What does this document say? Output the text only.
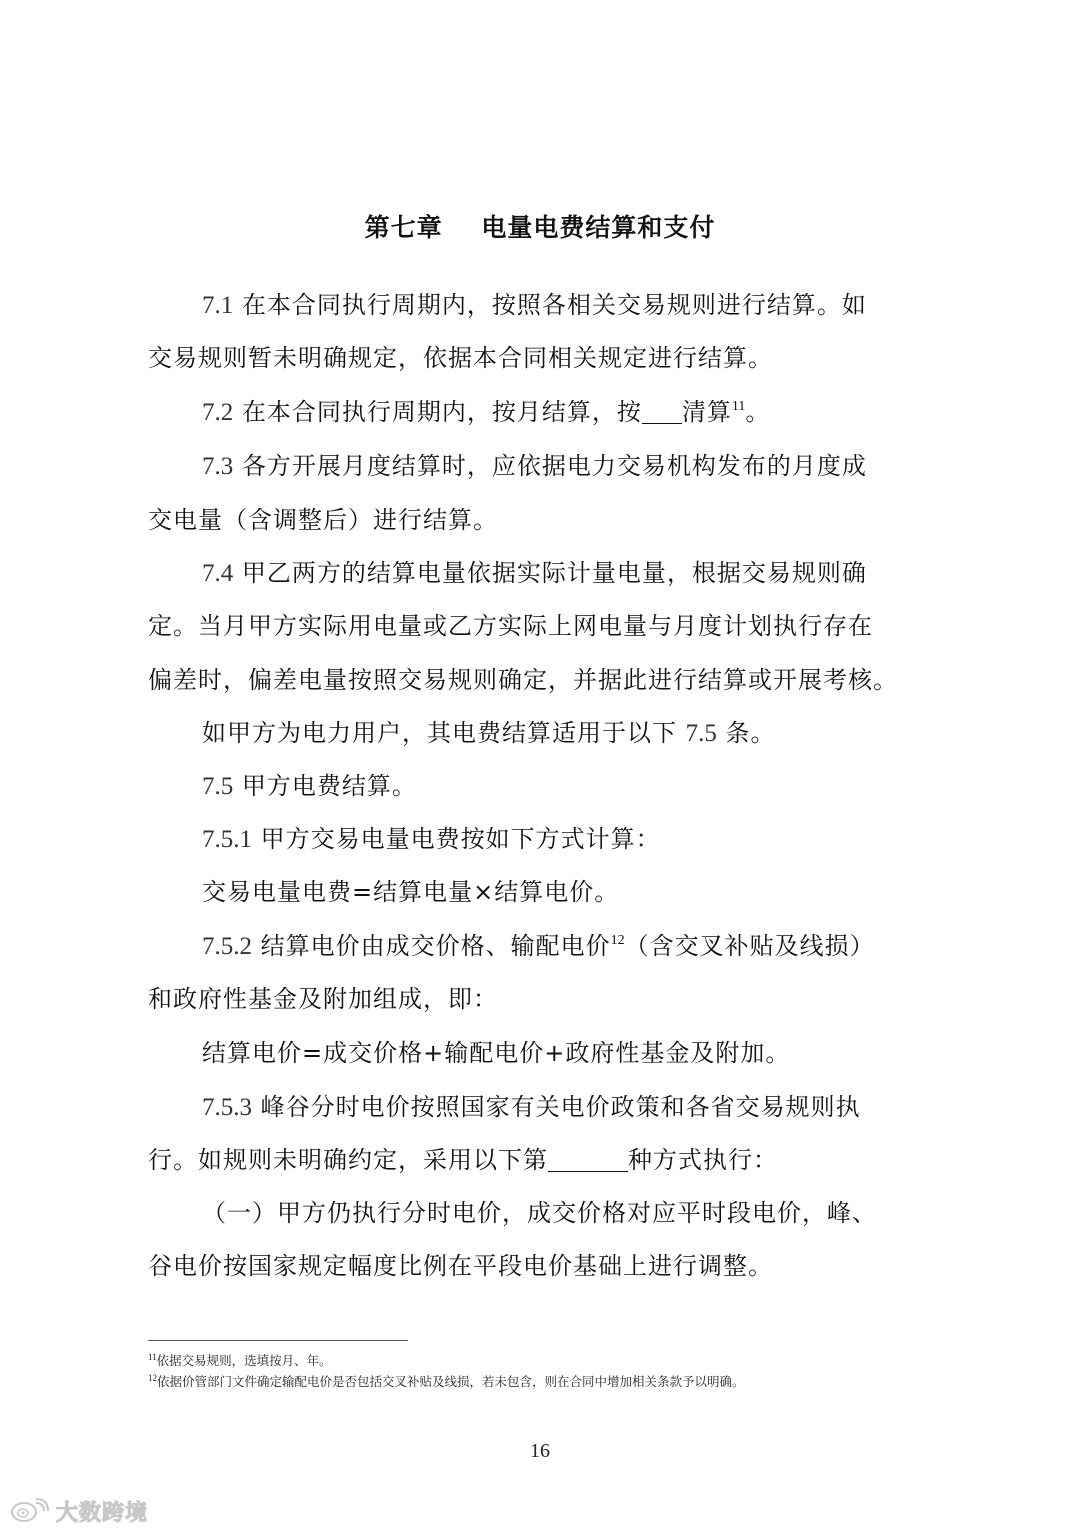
第七章    电量电费结算和支付
7.1 在本合同执行周期内，按照各相关交易规则进行结算。如
交易规则暂未明确规定，依据本合同相关规定进行结算。
7.2 在本合同执行周期内，按月结算，按 清算$^{11}$。
7.3 各方开展月度结算时，应依据电力交易机构发布的月度成
交电量（含调整后）进行结算。
7.4 甲乙两方的结算电量依据实际计量电量，根据交易规则确
定。当月甲方实际用电量或乙方实际上网电量与月度计划执行存在
偏差时，偏差电量按照交易规则确定，并据此进行结算或开展考核。
如甲方为电力用户，其电费结算适用于以下 7.5 条。
7.5 甲方电费结算。
7.5.1 甲方交易电量电费按如下方式计算：
交易电量电费=结算电量×结算电价。
7.5.2 结算电价由成交价格、输配电价$^{12}$（含交叉补贴及线损）
和政府性基金及附加组成，即：
结算电价=成交价格+输配电价+政府性基金及附加。
7.5.3 峰谷分时电价按照国家有关电价政策和各省交易规则执
行。如规则未明确约定，采用以下第	种方式执行：
（一）甲方仍执行分时电价，成交价格对应平时段电价，峰、
谷电价按国家规定幅度比例在平段电价基础上进行调整。
$^{11}$依据交易规则，选填按月、年。
$^{12}$依据价管部门文件确定输配电价是否包括交叉补贴及线损，若未包含，则在合同中增加相关条款予以明确。
16
大数跨境
